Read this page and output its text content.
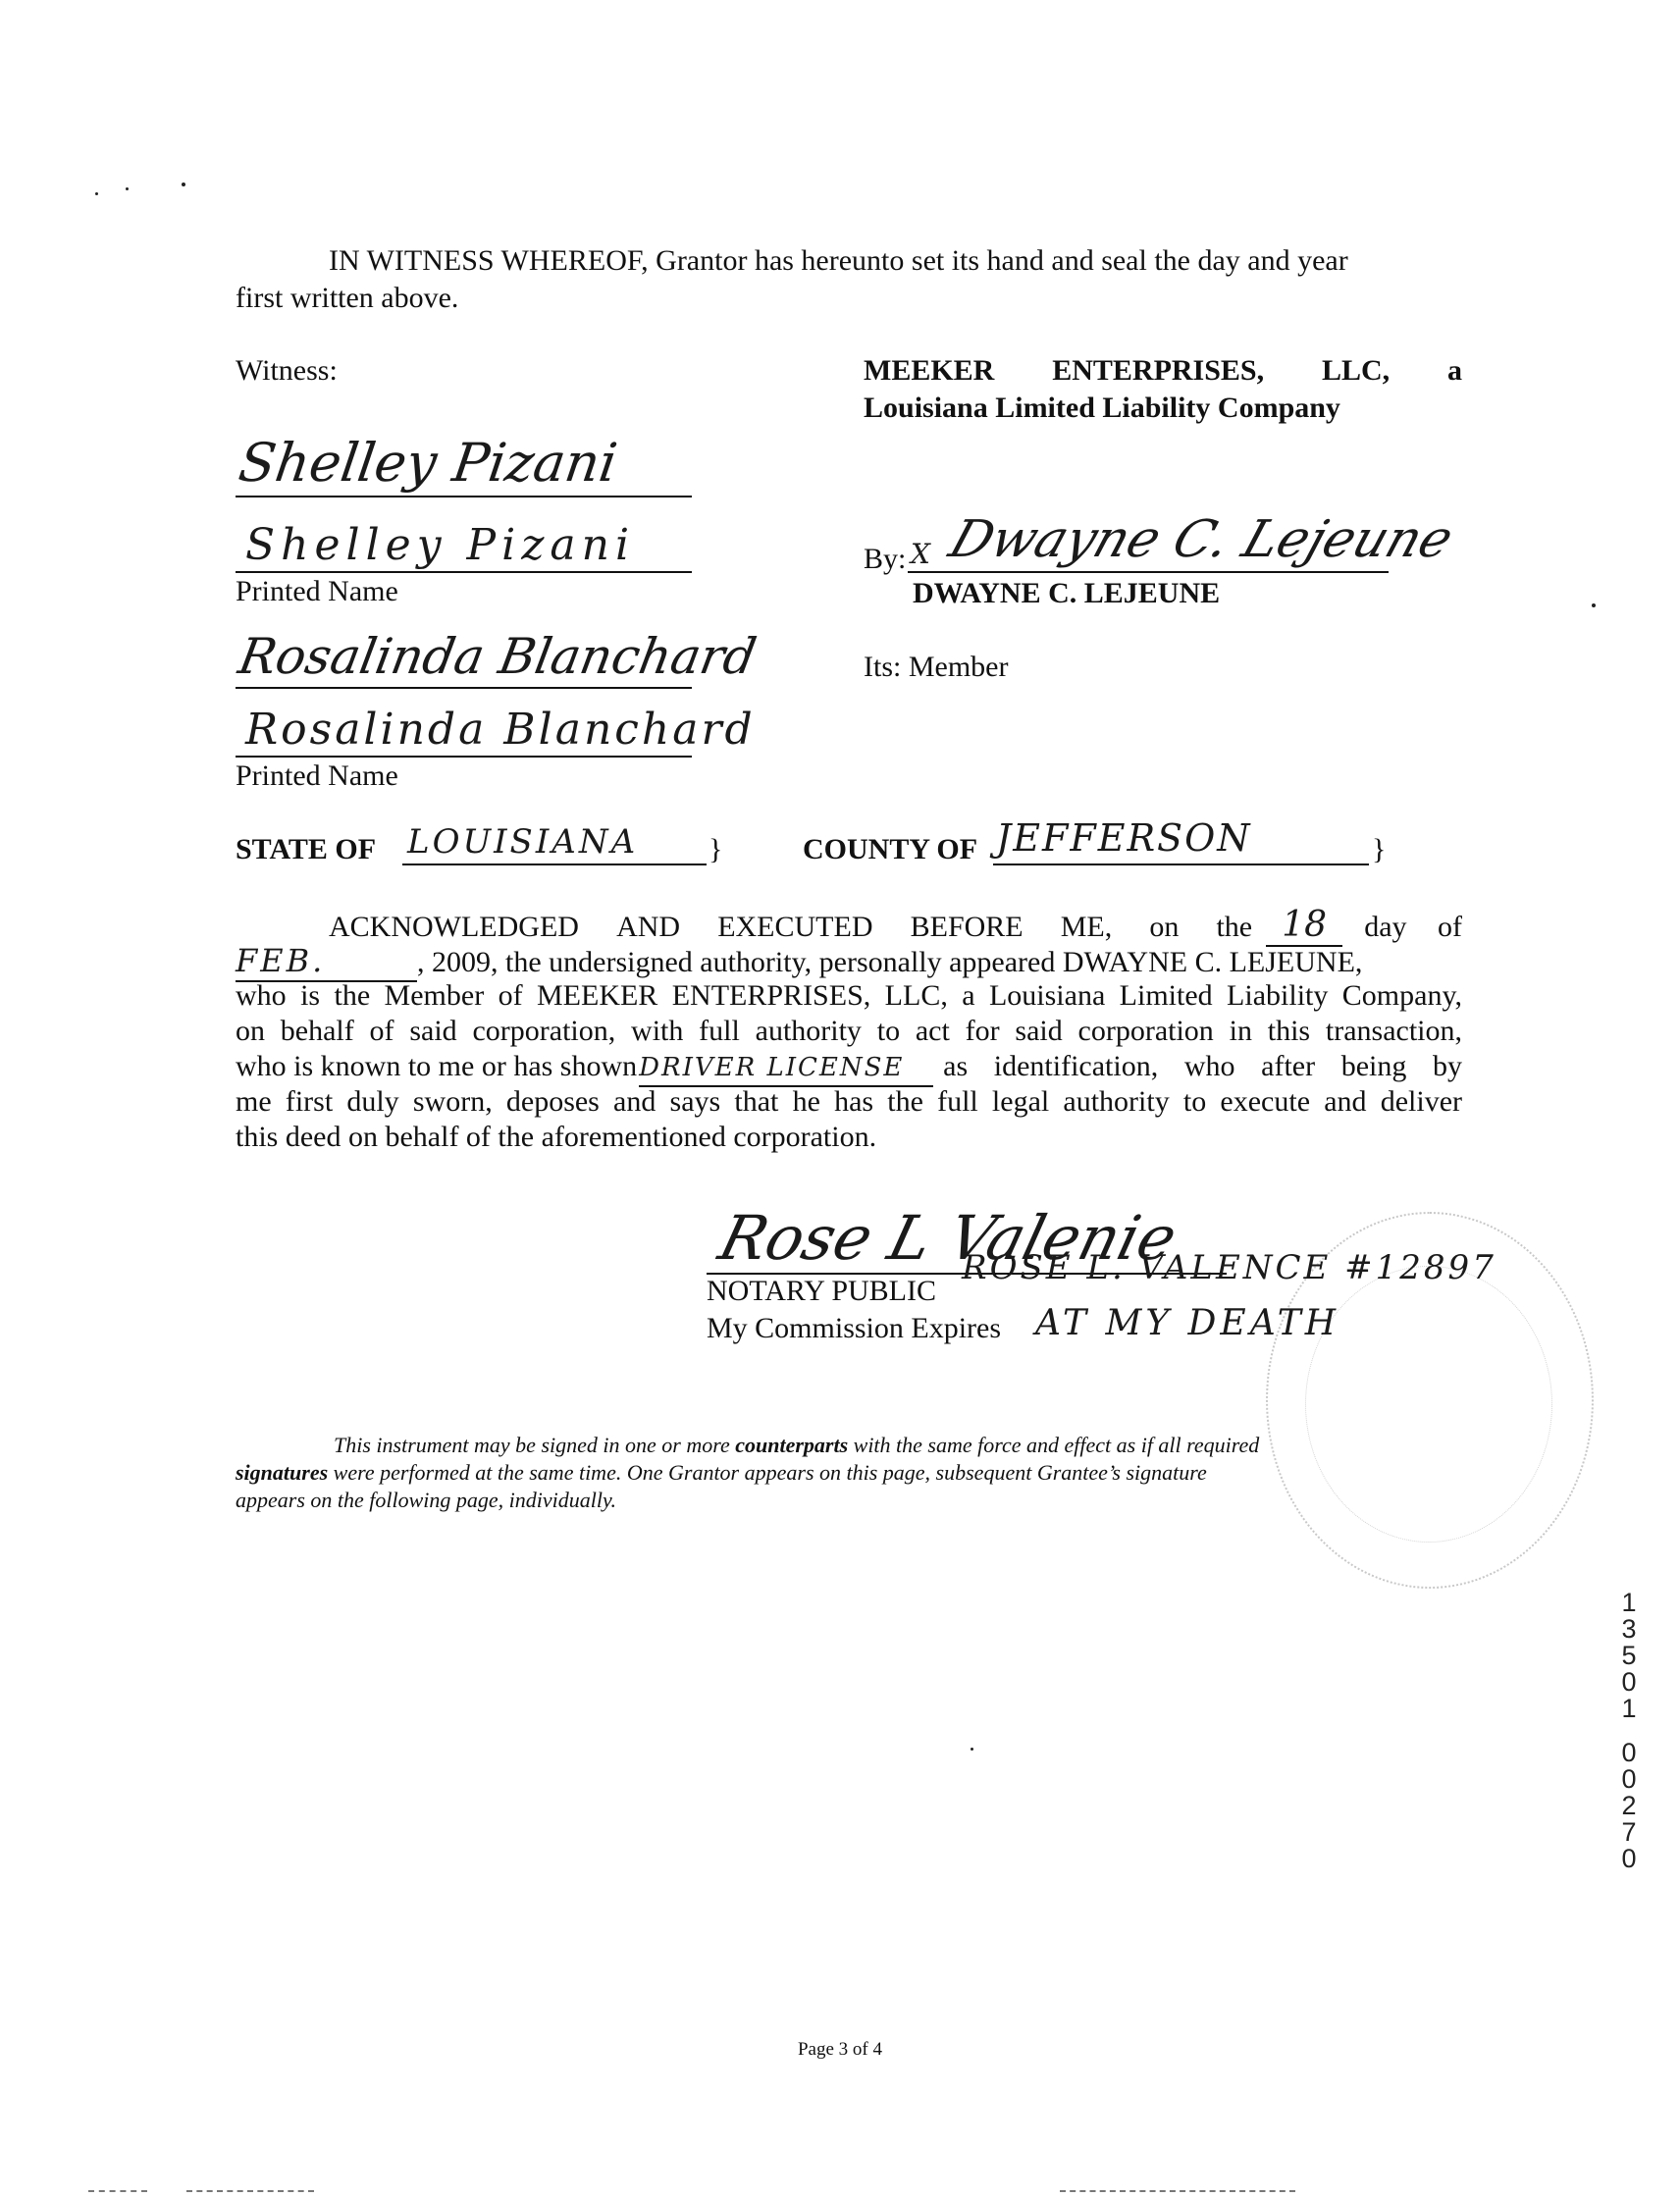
IN WITNESS WHEREOF, Grantor has hereunto set its hand and seal the day and year
first written above.
Witness:	MEEKER ENTERPRISES, LLC, a
Louisiana Limited Liability Company
Shelley Pizani
Shelley Pizani
Printed Name
Rosalinda Blanchard
Rosalinda Blanchard
Printed Name
By: X Dwayne C. Lejeune
DWAYNE C. LEJEUNE
Its: Member
STATE OF LOUISIANA }	COUNTY OF JEFFERSON	}
ACKNOWLEDGED AND EXECUTED BEFORE ME, on the 18	day of
FEB.	, 2009, the undersigned authority, personally appeared DWAYNE C. LEJEUNE,
who is the Member of MEEKER ENTERPRISES, LLC, a Louisiana Limited Liability Company,
on behalf of said corporation, with full authority to act for said corporation in this transaction,
who is known to me or has shown DRIVER LICENSE	as identification, who after being by
me first duly sworn, deposes and says that he has the full legal authority to execute and deliver
this deed on behalf of the aforementioned corporation.
Rose L Valenie
NOTARY PUBLIC
ROSE L. VALENCE #12897
My Commission Expires AT MY DEATH
This instrument may be signed in one or more counterparts with the same force and effect as if all required
signatures were performed at the same time. One Grantor appears on this page, subsequent Grantee’s signature
appears on the following page, individually.
1
3
5
0
1
0
0
2
7
0
Page 3 of 4
